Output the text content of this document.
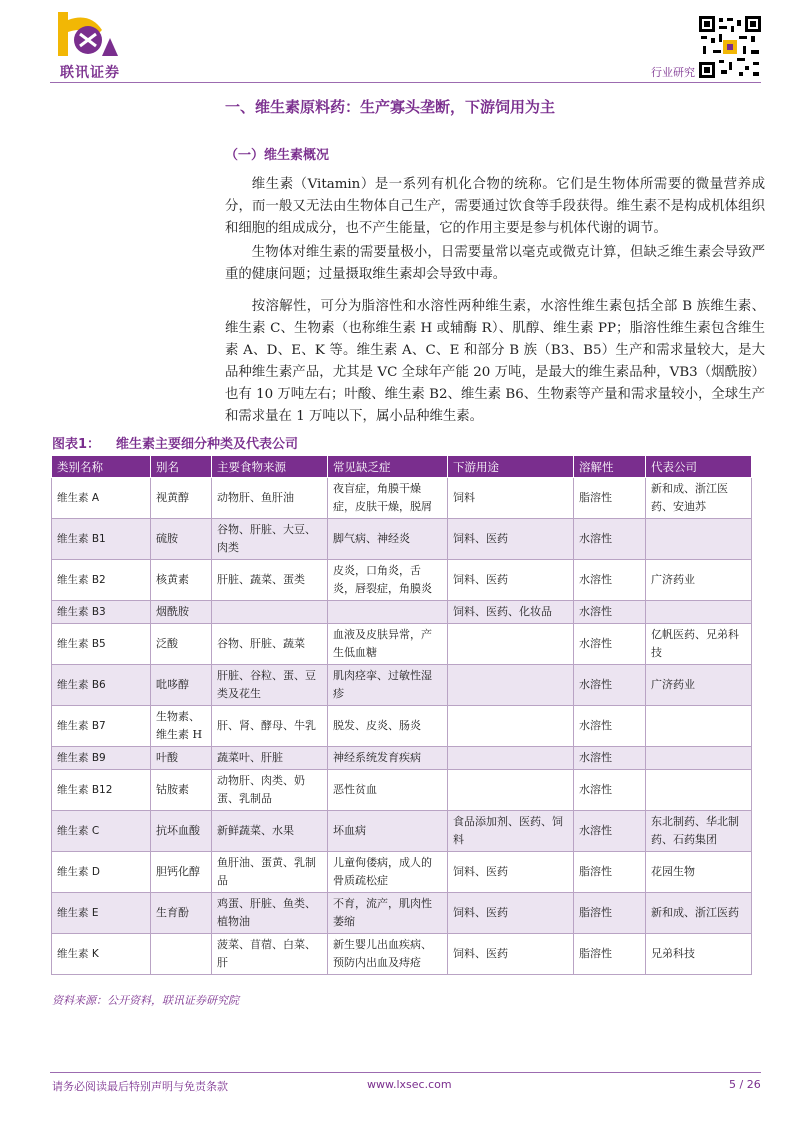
联讯证券	行业研究
一、维生素原料药：生产寡头垄断，下游饲用为主
（一）维生素概况

维生素（Vitamin）是一系列有机化合物的统称。它们是生物体所需要的微量营养成分，而一般又无法由生物体自己生产，需要通过饮食等手段获得。维生素不是构成机体组织和细胞的组成成分，也不产生能量，它的作用主要是参与机体代谢的调节。

生物体对维生素的需要量极小，日需要量常以毫克或微克计算，但缺乏维生素会导致严重的健康问题；过量摄取维生素却会导致中毒。

按溶解性，可分为脂溶性和水溶性两种维生素，水溶性维生素包括全部 B 族维生素、维生素 C、生物素（也称维生素 H 或辅酶 R）、肌醇、维生素 PP；脂溶性维生素包含维生素 A、D、E、K 等。维生素 A、C、E 和部分 B 族（B3、B5）生产和需求量较大，是大品种维生素产品，尤其是 VC 全球年产能 20 万吨，是最大的维生素品种，VB3（烟酰胺）也有 10 万吨左右；叶酸、维生素 B2、维生素 B6、生物素等产量和需求量较小，全球生产和需求量在 1 万吨以下，属小品种维生素。

图表1： 维生素主要细分种类及代表公司
类别名称	别名	主要食物来源	常见缺乏症	下游用途	溶解性	代表公司
维生素 A	视黄醇	动物肝、鱼肝油	夜盲症，角膜干燥症，皮肤干燥，脱屑	饲料	脂溶性	新和成、浙江医药、安迪苏
维生素 B1	硫胺	谷物、肝脏、大豆、肉类	脚气病、神经炎	饲料、医药	水溶性	
维生素 B2	核黄素	肝脏、蔬菜、蛋类	皮炎，口角炎，舌炎，唇裂症，角膜炎	饲料、医药	水溶性	广济药业
维生素 B3	烟酰胺			饲料、医药、化妆品	水溶性	
维生素 B5	泛酸	谷物、肝脏、蔬菜	血液及皮肤异常，产生低血糖		水溶性	亿帆医药、兄弟科技
维生素 B6	吡哆醇	肝脏、谷粒、蛋、豆类及花生	肌肉痉挛、过敏性湿疹		水溶性	广济药业
维生素 B7	生物素、维生素 H	肝、肾、酵母、牛乳	脱发、皮炎、肠炎		水溶性	
维生素 B9	叶酸	蔬菜叶、肝脏	神经系统发育疾病		水溶性	
维生素 B12	钴胺素	动物肝、肉类、奶蛋、乳制品	恶性贫血		水溶性	
维生素 C	抗坏血酸	新鲜蔬菜、水果	坏血病	食品添加剂、医药、饲料	水溶性	东北制药、华北制药、石药集团
维生素 D	胆钙化醇	鱼肝油、蛋黄、乳制品	儿童佝偻病，成人的骨质疏松症	饲料、医药	脂溶性	花园生物
维生素 E	生育酚	鸡蛋、肝脏、鱼类、植物油	不育，流产，肌肉性萎缩	饲料、医药	脂溶性	新和成、浙江医药
维生素 K		菠菜、苜蓿、白菜、肝	新生婴儿出血疾病、预防内出血及痔疮	饲料、医药	脂溶性	兄弟科技
资料来源：公开资料，联讯证券研究院
请务必阅读最后特别声明与免责条款	www.lxsec.com	5 / 26
